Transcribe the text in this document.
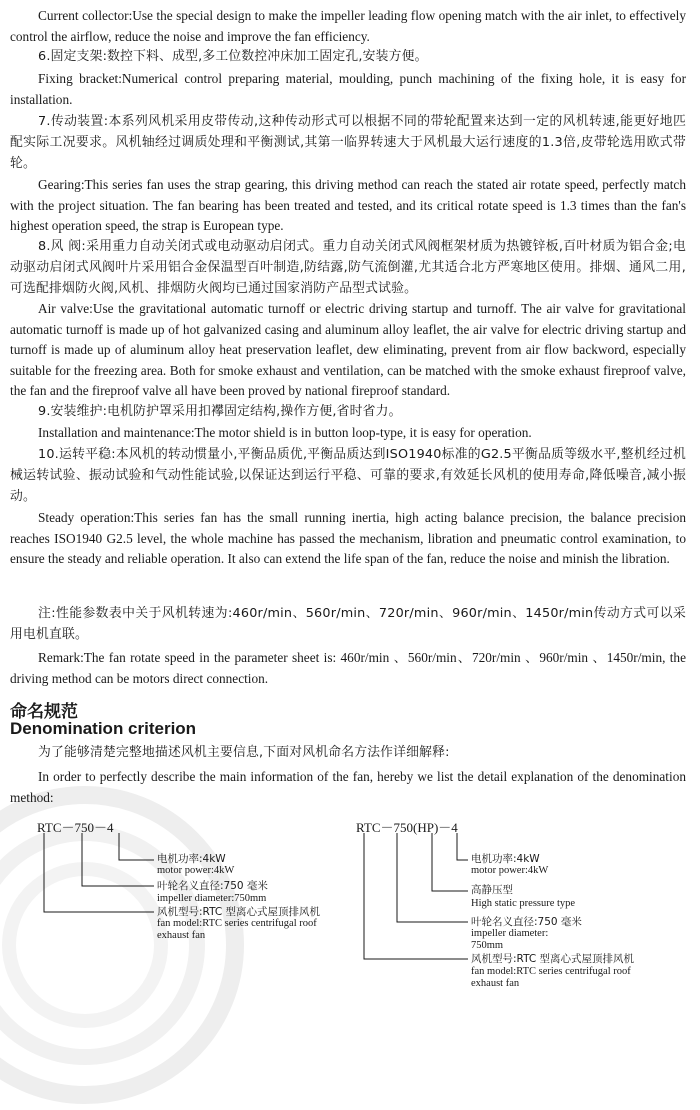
Current collector:Use the special design to make the impeller leading flow opening match with the air inlet, to effectively control the airflow, reduce the noise and improve the fan efficiency.

6.固定支架:数控下料、成型,多工位数控冲床加工固定孔,安装方便。

Fixing bracket:Numerical control preparing material, moulding, punch machining of the fixing hole, it is easy for installation.

7.传动装置:本系列风机采用皮带传动,这种传动形式可以根据不同的带轮配置来达到一定的风机转速,能更好地匹配实际工况要求。风机轴经过调质处理和平衡测试,其第一临界转速大于风机最大运行速度的1.3倍,皮带轮选用欧式带轮。

Gearing:This series fan uses the strap gearing, this driving method can reach the stated air rotate speed, perfectly match with the project situation. The fan bearing has been treated and tested, and its critical rotate speed is 1.3 times than the fan's highest operation speed, the strap is European type.

8.风 阀:采用重力自动关闭式或电动驱动启闭式。重力自动关闭式风阀框架材质为热镀锌板,百叶材质为铝合金;电动驱动启闭式风阀叶片采用铝合金保温型百叶制造,防结露,防气流倒灌,尤其适合北方严寒地区使用。排烟、通风二用,可选配排烟防火阀,风机、排烟防火阀均已通过国家消防产品型式试验。

Air valve:Use the gravitational automatic turnoff or electric driving startup and turnoff. The air valve for gravitational automatic turnoff is made up of hot galvanized casing and aluminum alloy leaflet, the air valve for electric driving startup and turnoff is made up of aluminum alloy heat preservation leaflet, dew eliminating, prevent from air flow backword, especially suitable for the freezing area. Both for smoke exhaust and ventilation, can be matched with the smoke exhaust fireproof valve, the fan and the fireproof valve all have been proved by national fireproof standard.

9.安装维护:电机防护罩采用扣襻固定结构,操作方便,省时省力。

Installation and maintenance:The motor shield is in button loop-type, it is easy for operation.

10.运转平稳:本风机的转动惯量小,平衡品质优,平衡品质达到ISO1940标准的G2.5平衡品质等级水平,整机经过机械运转试验、振动试验和气动性能试验,以保证达到运行平稳、可靠的要求,有效延长风机的使用寿命,降低噪音,减小振动。

Steady operation:This series fan has the small running inertia, high acting balance precision, the balance precision reaches ISO1940 G2.5 level, the whole machine has passed the mechanism, libration and pneumatic control examination, to ensure the steady and reliable operation. It also can extend the life span of the fan, reduce the noise and minish the libration.

注:性能参数表中关于风机转速为:460r/min、560r/min、720r/min、960r/min、1450r/min传动方式可以采用电机直联。

Remark:The fan rotate speed in the parameter sheet is: 460r/min 、560r/min、720r/min 、960r/min 、1450r/min, the driving method can be motors direct connection.

命名规范
Denomination criterion

为了能够清楚完整地描述风机主要信息,下面对风机命名方法作详细解释:

In order to perfectly describe the main information of the fan, hereby we list the detail explanation of the denomination method:

RTC－750－4
电机功率:4kW
motor power:4kW
叶轮名义直径:750 毫米
impeller diameter:750mm
风机型号:RTC 型离心式屋顶排风机
fan model:RTC series centrifugal roof
exhaust fan
RTC－750(HP)－4
电机功率:4kW
motor power:4kW
高静压型
High static pressure type
叶轮名义直径:750 毫米
impeller diameter:
750mm
风机型号:RTC 型离心式屋顶排风机
fan model:RTC series centrifugal roof
exhaust fan
